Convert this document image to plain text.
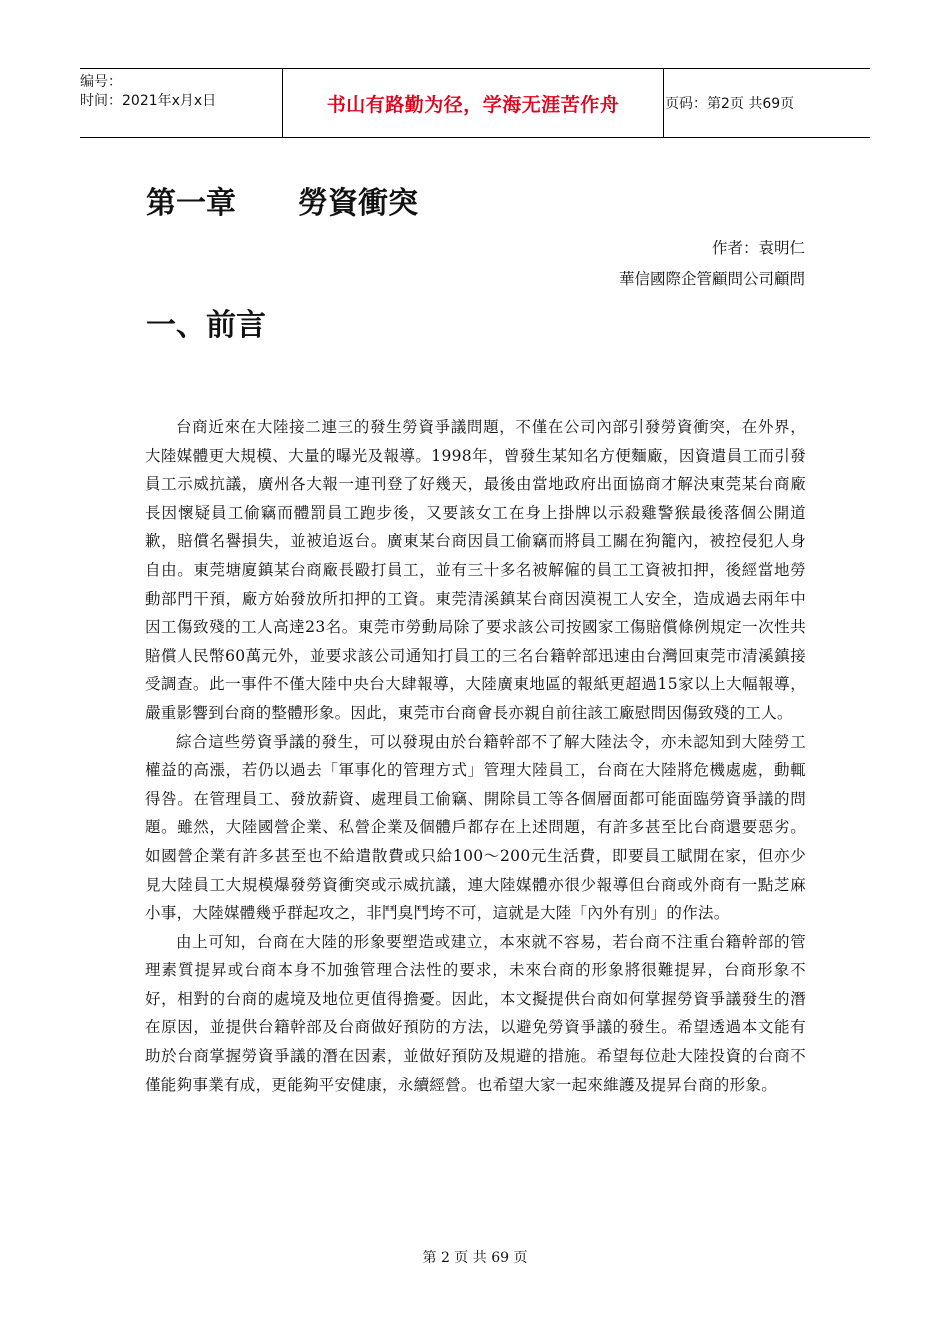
编号：
时间：2021年x月x日	书山有路勤为径，学海无涯苦作舟	页码：第2页 共69页
第一章 勞資衝突
作者：袁明仁
華信國際企管顧問公司顧問
一、前言

台商近來在大陸接二連三的發生勞資爭議問題，不僅在公司內部引發勞資衝突，在外界，大陸媒體更大規模、大量的曝光及報導。1998年，曾發生某知名方便麵廠，因資遣員工而引發員工示威抗議，廣州各大報一連刊登了好幾天，最後由當地政府出面協商才解決東莞某台商廠長因懷疑員工偷竊而體罰員工跑步後，又要該女工在身上掛牌以示殺雞警猴最後落個公開道歉，賠償名譽損失，並被追返台。廣東某台商因員工偷竊而將員工關在狗籠內，被控侵犯人身自由。東莞塘廈鎮某台商廠長毆打員工，並有三十多名被解僱的員工工資被扣押，後經當地勞動部門干預，廠方始發放所扣押的工資。東莞清溪鎮某台商因漠視工人安全，造成過去兩年中因工傷致殘的工人高達23名。東莞市勞動局除了要求該公司按國家工傷賠償條例規定一次性共賠償人民幣60萬元外，並要求該公司通知打員工的三名台籍幹部迅速由台灣回東莞市清溪鎮接受調查。此一事件不僅大陸中央台大肆報導，大陸廣東地區的報紙更超過15家以上大幅報導，嚴重影響到台商的整體形象。因此，東莞市台商會長亦親自前往該工廠慰問因傷致殘的工人。

綜合這些勞資爭議的發生，可以發現由於台籍幹部不了解大陸法令，亦未認知到大陸勞工權益的高漲，若仍以過去「軍事化的管理方式」管理大陸員工，台商在大陸將危機處處，動輒得咎。在管理員工、發放薪資、處理員工偷竊、開除員工等各個層面都可能面臨勞資爭議的問題。雖然，大陸國營企業、私營企業及個體戶都存在上述問題，有許多甚至比台商還要惡劣。如國營企業有許多甚至也不給遣散費或只給100～200元生活費，即要員工賦閒在家，但亦少見大陸員工大規模爆發勞資衝突或示威抗議，連大陸媒體亦很少報導但台商或外商有一點芝麻小事，大陸媒體幾乎群起攻之，非鬥臭鬥垮不可，這就是大陸「內外有別」的作法。

由上可知，台商在大陸的形象要塑造或建立，本來就不容易，若台商不注重台籍幹部的管理素質提昇或台商本身不加強管理合法性的要求，未來台商的形象將很難提昇，台商形象不好，相對的台商的處境及地位更值得擔憂。因此，本文擬提供台商如何掌握勞資爭議發生的潛在原因，並提供台籍幹部及台商做好預防的方法，以避免勞資爭議的發生。希望透過本文能有助於台商掌握勞資爭議的潛在因素，並做好預防及規避的措施。希望每位赴大陸投資的台商不僅能夠事業有成，更能夠平安健康，永續經營。也希望大家一起來維護及提昇台商的形象。

第 2 页 共 69 页
